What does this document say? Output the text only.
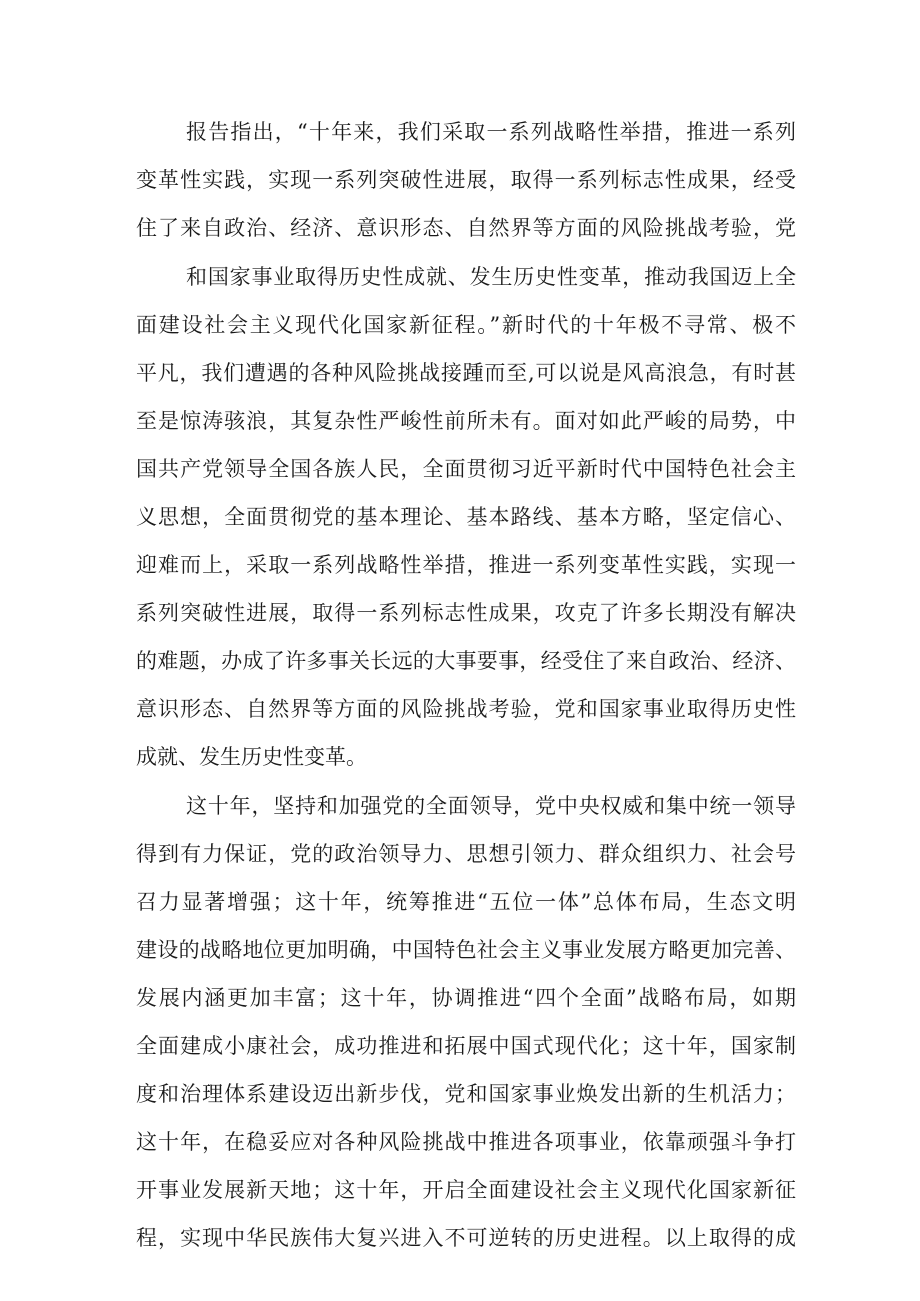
报告指出，“十年来，我们采取一系列战略性举措，推进一系列
变革性实践，实现一系列突破性进展，取得一系列标志性成果，经受
住了来自政治、经济、意识形态、自然界等方面的风险挑战考验，党
和国家事业取得历史性成就、发生历史性变革，推动我国迈上全
面建设社会主义现代化国家新征程。”新时代的十年极不寻常、极不
平凡，我们遭遇的各种风险挑战接踵而至,可以说是风高浪急，有时甚
至是惊涛骇浪，其复杂性严峻性前所未有。面对如此严峻的局势，中
国共产党领导全国各族人民，全面贯彻习近平新时代中国特色社会主
义思想，全面贯彻党的基本理论、基本路线、基本方略，坚定信心、
迎难而上，采取一系列战略性举措，推进一系列变革性实践，实现一
系列突破性进展，取得一系列标志性成果，攻克了许多长期没有解决
的难题，办成了许多事关长远的大事要事，经受住了来自政治、经济、
意识形态、自然界等方面的风险挑战考验，党和国家事业取得历史性
成就、发生历史性变革。
这十年，坚持和加强党的全面领导，党中央权威和集中统一领导
得到有力保证，党的政治领导力、思想引领力、群众组织力、社会号
召力显著增强；这十年，统筹推进“五位一体”总体布局，生态文明
建设的战略地位更加明确，中国特色社会主义事业发展方略更加完善、
发展内涵更加丰富；这十年，协调推进“四个全面”战略布局，如期
全面建成小康社会，成功推进和拓展中国式现代化；这十年，国家制
度和治理体系建设迈出新步伐，党和国家事业焕发出新的生机活力；
这十年，在稳妥应对各种风险挑战中推进各项事业，依靠顽强斗争打
开事业发展新天地；这十年，开启全面建设社会主义现代化国家新征
程，实现中华民族伟大复兴进入不可逆转的历史进程。以上取得的成
